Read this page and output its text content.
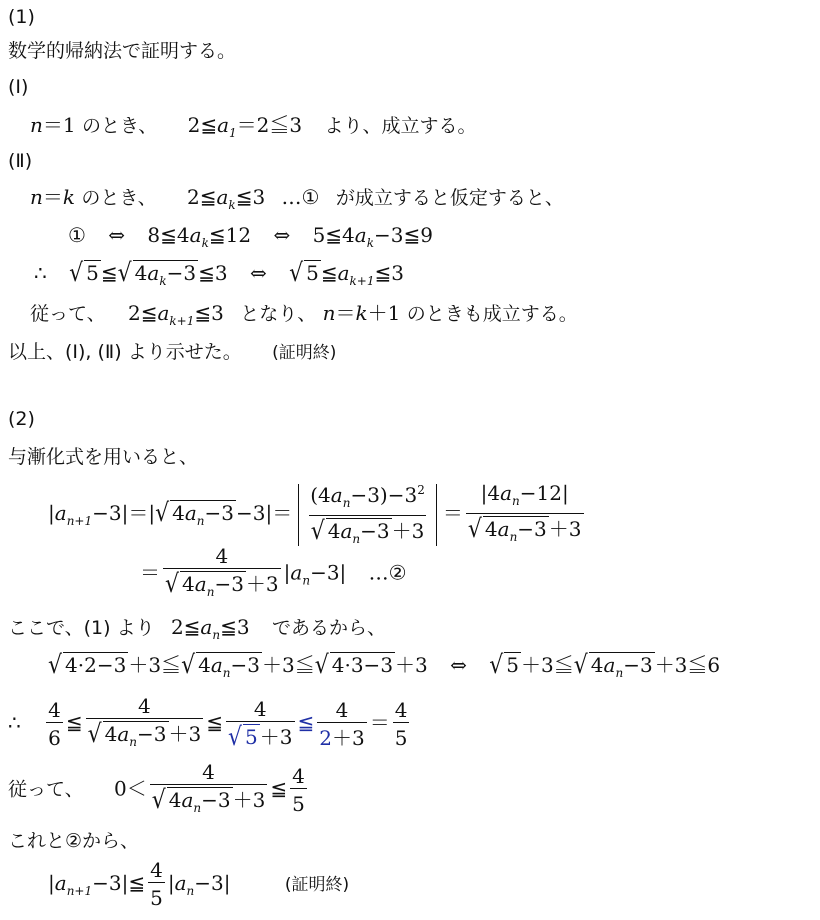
(1)
数学的帰納法で証明する。
(Ⅰ)
n＝1 のとき、 $2≦a_1=2≦3$ より、成立する。
(Ⅱ)
n＝k のとき、 $2≦a_k≦3$ …① が成立すると仮定すると、
① ⇔ $8≦4a_k≦12$ ⇔ $5≦4a_k-3≦9$
∴ √ 5 ≦√ $4a_k-3$ ≦3 ⇔ √ 5 $≦a_{k+1}≦3$
従って、 $2≦a_{k+1}≦3$ となり、 n＝k＋1 のときも成立する。
以上、(Ⅰ), (Ⅱ) より示せた。 (証明終)
(2)
与漸化式を用いると、
$|a_{n+1}-3|=|√$ $4a_n-3 -3|= \frac{(4a_n-3)-3^2}{√ 4a_n-3 +3} = \frac{|4a_n-12|}{√ 4a_n-3 +3}$
＝ $\frac{4}{√ 4a_n-3 +3} |a_n-3|$ …②
ここで、(1) より $2≦a_n≦3$ であるから、
√ 4·2−3 ＋3≦√ $4a_n-3$ ＋3≦√ 4·3−3 ＋3 ⇔ √ 5 ＋3≦√ $4a_n-3$ ＋3≦6
∴ $\frac{4}{6}$ ≦ $\frac{4}{√ 4a_n-3 +3}$ ≦ $\frac{4}{√ 5 +3}$ ≦ $\frac{4}{2+3} = \frac{4}{5}$
従って、 $0< \frac{4}{√ 4a_n-3 +3}$ ≦ $\frac{4}{5}$
これと②から、
$|a_{n+1}-3|≦ \frac{4}{5} |a_n-3|$	(証明終)
